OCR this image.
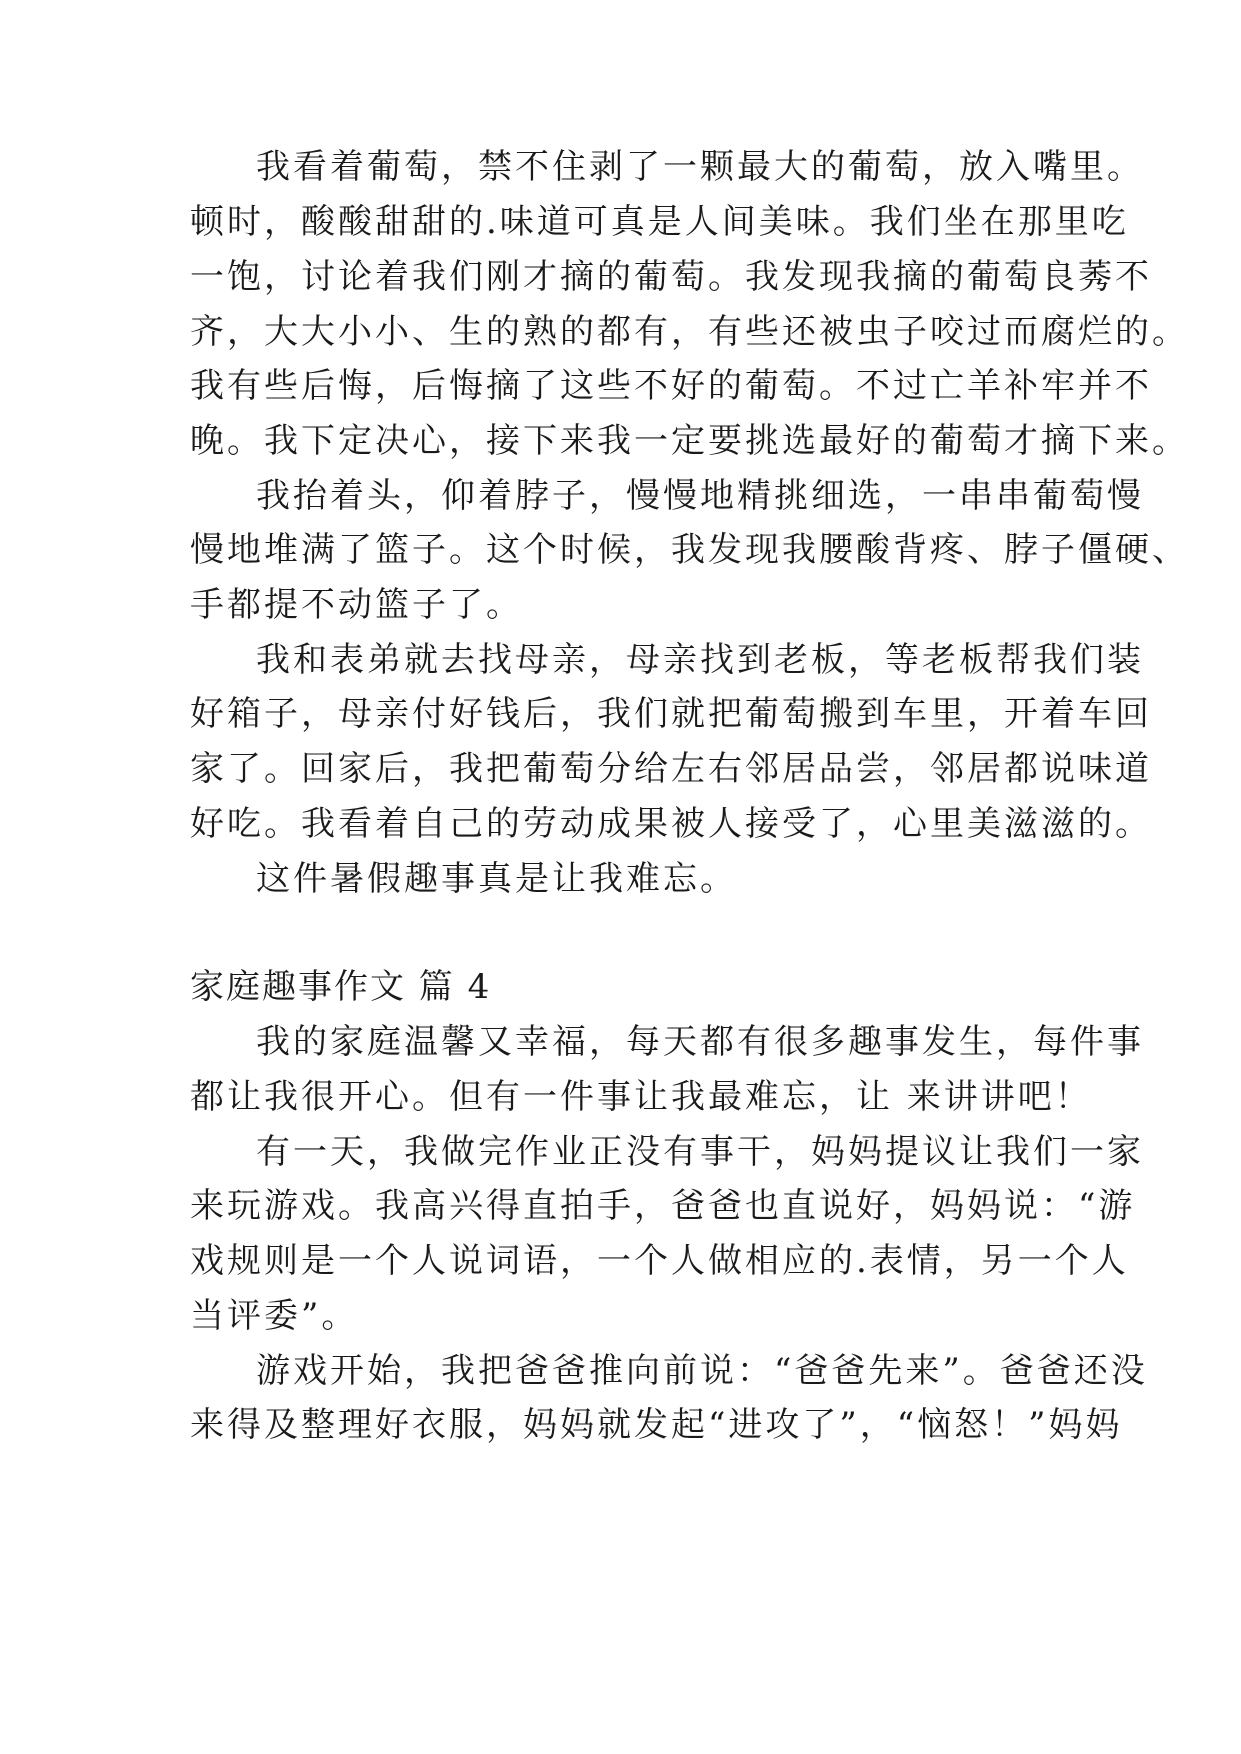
我看着葡萄，禁不住剥了一颗最大的葡萄，放入嘴里。
顿时，酸酸甜甜的.味道可真是人间美味。我们坐在那里吃
一饱，讨论着我们刚才摘的葡萄。我发现我摘的葡萄良莠不
齐，大大小小、生的熟的都有，有些还被虫子咬过而腐烂的。
我有些后悔，后悔摘了这些不好的葡萄。不过亡羊补牢并不
晚。我下定决心，接下来我一定要挑选最好的葡萄才摘下来。
我抬着头，仰着脖子，慢慢地精挑细选，一串串葡萄慢
慢地堆满了篮子。这个时候，我发现我腰酸背疼、脖子僵硬、
手都提不动篮子了。
我和表弟就去找母亲，母亲找到老板，等老板帮我们装
好箱子，母亲付好钱后，我们就把葡萄搬到车里，开着车回
家了。回家后，我把葡萄分给左右邻居品尝，邻居都说味道
好吃。我看着自己的劳动成果被人接受了，心里美滋滋的。
这件暑假趣事真是让我难忘。
家庭趣事作文 篇 4
我的家庭温馨又幸福，每天都有很多趣事发生，每件事
都让我很开心。但有一件事让我最难忘，让 来讲讲吧！
有一天，我做完作业正没有事干，妈妈提议让我们一家
来玩游戏。我高兴得直拍手，爸爸也直说好，妈妈说：“游
戏规则是一个人说词语，一个人做相应的.表情，另一个人
当评委”。
游戏开始，我把爸爸推向前说：“爸爸先来”。爸爸还没
来得及整理好衣服，妈妈就发起“进攻了”，“恼怒！”妈妈
